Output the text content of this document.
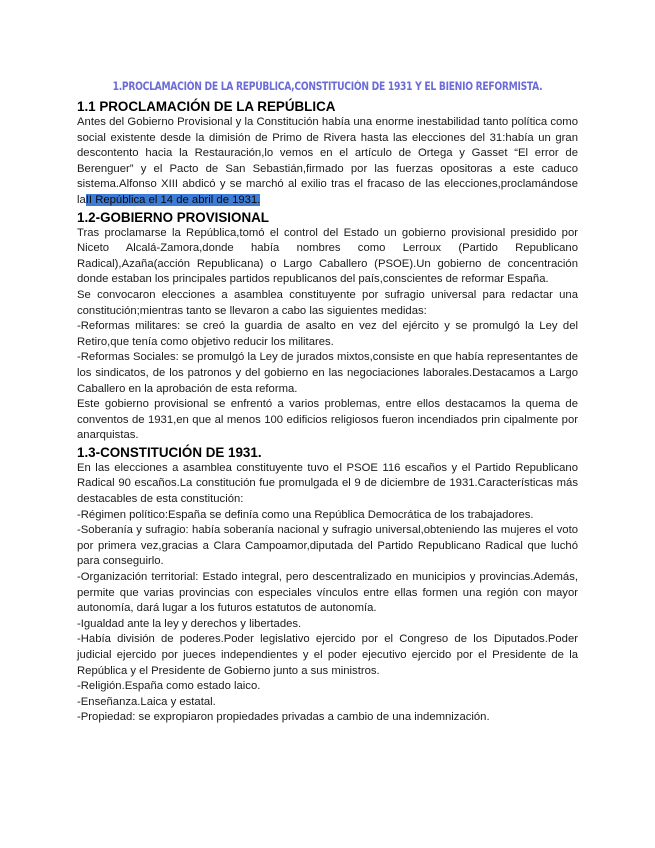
1.PROCLAMACIÓN DE LA REPÚBLICA,CONSTITUCIÓN DE 1931 Y EL BIENIO REFORMISTA.
1.1 PROCLAMACIÓN DE LA REPÚBLICA

Antes del Gobierno Provisional y la Constitución había una enorme inestabilidad tanto política como social existente desde la dimisión de Primo de Rivera hasta las elecciones del 31:había un gran descontento hacia la Restauración,lo vemos en el artículo de Ortega y Gasset “El error de Berenguer” y el Pacto de San Sebastián,firmado por las fuerzas opositoras a este caduco sistema.Alfonso XIII abdicó y se marchó al exilio tras el fracaso de las elecciones,proclamándose laII República el 14 de abril de 1931.

1.2-GOBIERNO PROVISIONAL

Tras proclamarse la República,tomó el control del Estado un gobierno provisional presidido por Niceto Alcalá-Zamora,donde había nombres como Lerroux (Partido Republicano Radical),Azaña(acción Republicana) o Largo Caballero (PSOE).Un gobierno de concentración donde estaban los principales partidos republicanos del país,conscientes de reformar España.

Se convocaron elecciones a asamblea constituyente por sufragio universal para redactar una constitución;mientras tanto se llevaron a cabo las siguientes medidas:

-Reformas militares: se creó la guardia de asalto en vez del ejército y se promulgó la Ley del Retiro,que tenía como objetivo reducir los militares.

-Reformas Sociales: se promulgó la Ley de jurados mixtos,consiste en que había representantes de los sindicatos, de los patronos y del gobierno en las negociaciones laborales.Destacamos a Largo Caballero en la aprobación de esta reforma.

Este gobierno provisional se enfrentó a varios problemas, entre ellos destacamos la quema de conventos de 1931,en que al menos 100 edificios religiosos fueron incendiados prin cipalmente por anarquistas.

1.3-CONSTITUCIÓN DE 1931.

En las elecciones a asamblea constituyente tuvo el PSOE 116 escaños y el Partido Republicano Radical 90 escaños.La constitución fue promulgada el 9 de diciembre de 1931.Características más destacables de esta constitución:

-Régimen político:España se definía como una República Democrática de los trabajadores.

-Soberanía y sufragio: había soberanía nacional y sufragio universal,obteniendo las mujeres el voto por primera vez,gracias a Clara Campoamor,diputada del Partido Republicano Radical que luchó para conseguirlo.

-Organización territorial: Estado integral, pero descentralizado en municipios y provincias.Además, permite que varias provincias con especiales vínculos entre ellas formen una región con mayor autonomía, dará lugar a los futuros estatutos de autonomía.

-Igualdad ante la ley y derechos y libertades.

-Había división de poderes.Poder legislativo ejercido por el Congreso de los Diputados.Poder judicial ejercido por jueces independientes y el poder ejecutivo ejercido por el Presidente de la República y el Presidente de Gobierno junto a sus ministros.

-Religión.España como estado laico.

-Enseñanza.Laica y estatal.

-Propiedad: se expropiaron propiedades privadas a cambio de una indemnización.
